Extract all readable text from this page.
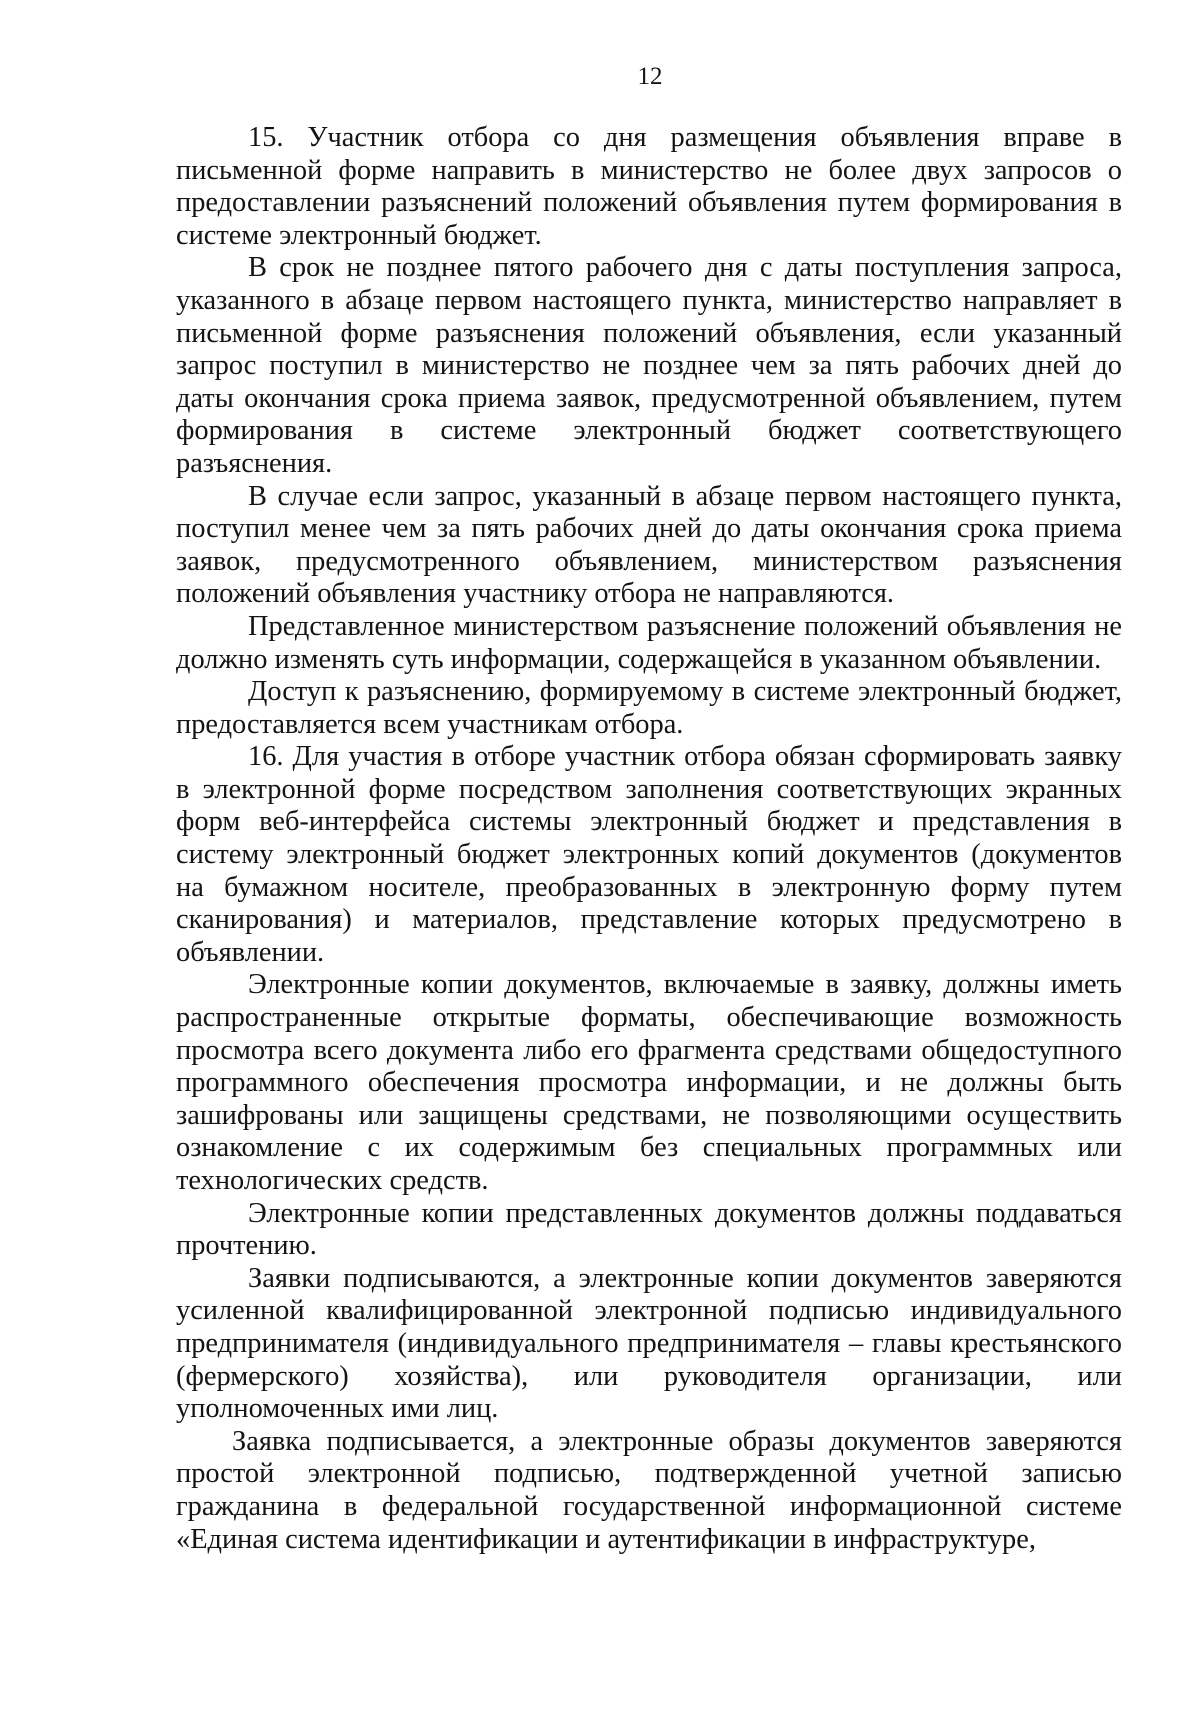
12

15. Участник отбора со дня размещения объявления вправе в письменной форме направить в министерство не более двух запросов о предоставлении разъяснений положений объявления путем формирования в системе электронный бюджет.

В срок не позднее пятого рабочего дня с даты поступления запроса, указанного в абзаце первом настоящего пункта, министерство направляет в письменной форме разъяснения положений объявления, если указанный запрос поступил в министерство не позднее чем за пять рабочих дней до даты окончания срока приема заявок, предусмотренной объявлением, путем формирования в системе электронный бюджет соответствующего разъяснения.

В случае если запрос, указанный в абзаце первом настоящего пункта, поступил менее чем за пять рабочих дней до даты окончания срока приема заявок, предусмотренного объявлением, министерством разъяснения положений объявления участнику отбора не направляются.

Представленное министерством разъяснение положений объявления не должно изменять суть информации, содержащейся в указанном объявлении.

Доступ к разъяснению, формируемому в системе электронный бюджет, предоставляется всем участникам отбора.

16. Для участия в отборе участник отбора обязан сформировать заявку в электронной форме посредством заполнения соответствующих экранных форм веб-интерфейса системы электронный бюджет и представления в систему электронный бюджет электронных копий документов (документов на бумажном носителе, преобразованных в электронную форму путем сканирования) и материалов, представление которых предусмотрено в объявлении.

Электронные копии документов, включаемые в заявку, должны иметь распространенные открытые форматы, обеспечивающие возможность просмотра всего документа либо его фрагмента средствами общедоступного программного обеспечения просмотра информации, и не должны быть зашифрованы или защищены средствами, не позволяющими осуществить ознакомление с их содержимым без специальных программных или технологических средств.

Электронные копии представленных документов должны поддаваться прочтению.

Заявки подписываются, а электронные копии документов заверяются усиленной квалифицированной электронной подписью индивидуального предпринимателя (индивидуального предпринимателя – главы крестьянского (фермерского) хозяйства), или руководителя организации, или уполномоченных ими лиц.

Заявка подписывается, а электронные образы документов заверяются простой электронной подписью, подтвержденной учетной записью гражданина в федеральной государственной информационной системе «Единая система идентификации и аутентификации в инфраструктуре,
